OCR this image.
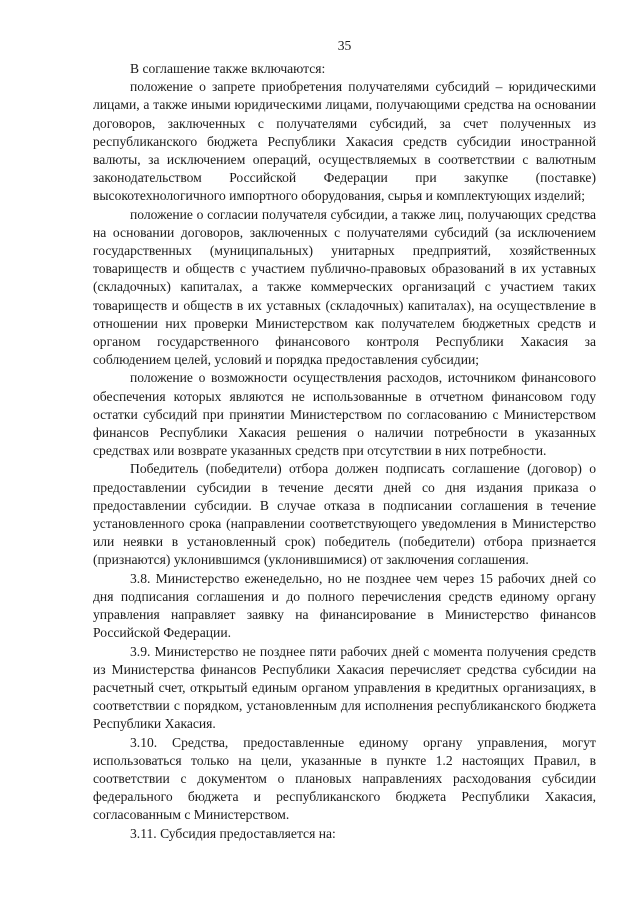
35

В соглашение также включаются:

положение о запрете приобретения получателями субсидий – юридическими лицами, а также иными юридическими лицами, получающими средства на основании договоров, заключенных с получателями субсидий, за счет полученных из республиканского бюджета Республики Хакасия средств субсидии иностранной валюты, за исключением операций, осуществляемых в соответствии с валютным законодательством Российской Федерации при закупке (поставке) высокотехнологичного импортного оборудования, сырья и комплектующих изделий;

положение о согласии получателя субсидии, а также лиц, получающих средства на основании договоров, заключенных с получателями субсидий (за исключением государственных (муниципальных) унитарных предприятий, хозяйственных товариществ и обществ с участием публично-правовых образований в их уставных (складочных) капиталах, а также коммерческих организаций с участием таких товариществ и обществ в их уставных (складочных) капиталах), на осуществление в отношении них проверки Министерством как получателем бюджетных средств и органом государственного финансового контроля Республики Хакасия за соблюдением целей, условий и порядка предоставления субсидии;

положение о возможности осуществления расходов, источником финансового обеспечения которых являются не использованные в отчетном финансовом году остатки субсидий при принятии Министерством по согласованию с Министерством финансов Республики Хакасия решения о наличии потребности в указанных средствах или возврате указанных средств при отсутствии в них потребности.

Победитель (победители) отбора должен подписать соглашение (договор) о предоставлении субсидии в течение десяти дней со дня издания приказа о предоставлении субсидии. В случае отказа в подписании соглашения в течение установленного срока (направлении соответствующего уведомления в Министерство или неявки в установленный срок) победитель (победители) отбора признается (признаются) уклонившимся (уклонившимися) от заключения соглашения.

3.8. Министерство еженедельно, но не позднее чем через 15 рабочих дней со дня подписания соглашения и до полного перечисления средств единому органу управления направляет заявку на финансирование в Министерство финансов Российской Федерации.

3.9. Министерство не позднее пяти рабочих дней с момента получения средств из Министерства финансов Республики Хакасия перечисляет средства субсидии на расчетный счет, открытый единым органом управления в кредитных организациях, в соответствии с порядком, установленным для исполнения республиканского бюджета Республики Хакасия.

3.10. Средства, предоставленные единому органу управления, могут использоваться только на цели, указанные в пункте 1.2 настоящих Правил, в соответствии с документом о плановых направлениях расходования субсидии федерального бюджета и республиканского бюджета Республики Хакасия, согласованным с Министерством.

3.11. Субсидия предоставляется на:
